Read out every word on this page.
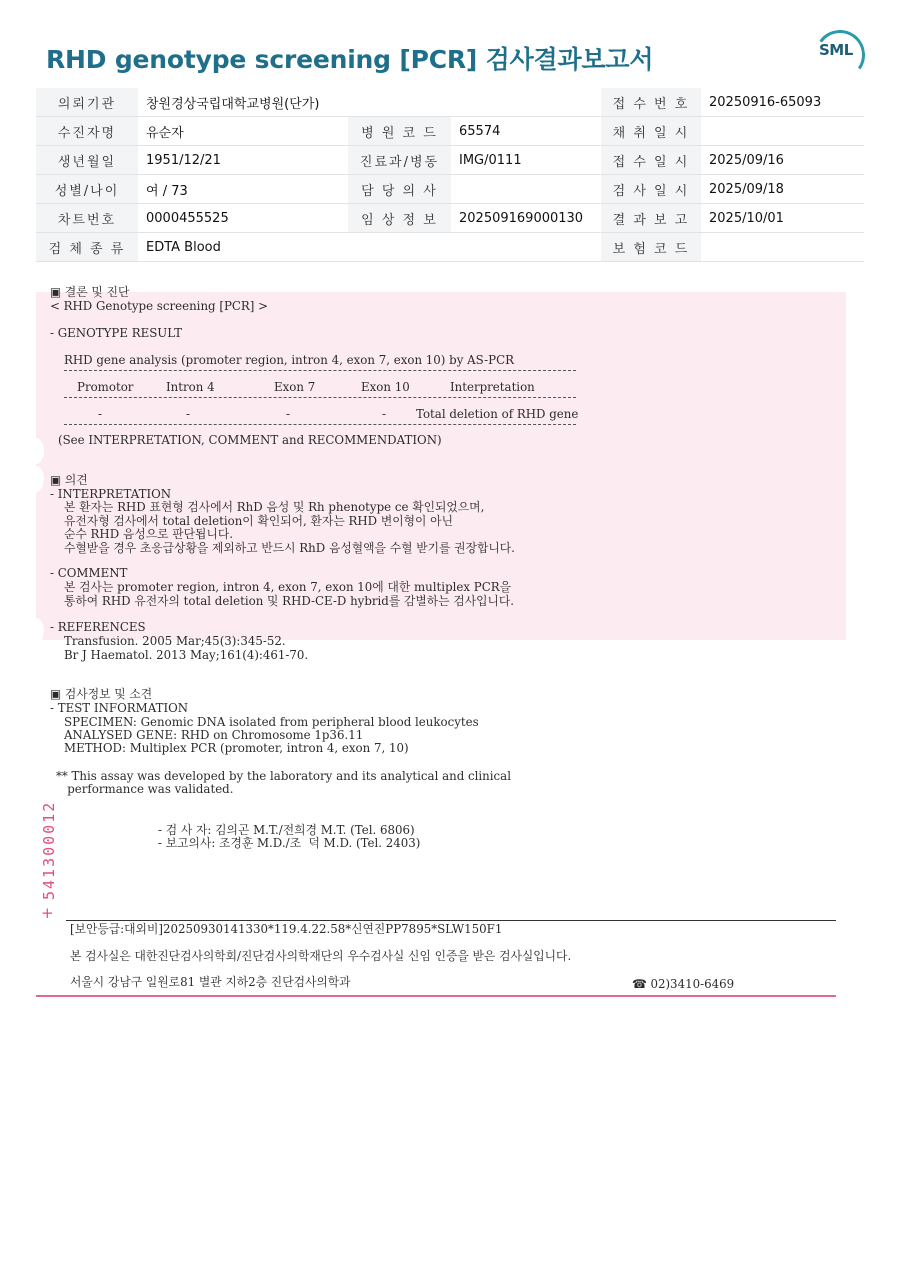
RHD genotype screening [PCR] 검사결과보고서	SML
의뢰기관	창원경상국립대학교병원(단가)			접 수 번 호	20250916-65093
수진자명	유순자	병 원 코 드	65574	채 취 일 시	
생년월일	1951/12/21	진료과/병동	IMG/0111	접 수 일 시	2025/09/16
성별/나이	여 / 73	담 당 의 사		검 사 일 시	2025/09/18
차트번호	0000455525	임 상 정 보	202509169000130	결 과 보 고	2025/10/01
검 체 종 류	EDTA Blood			보 험 코 드	
▣ 결론 및 진단
< RHD Genotype screening [PCR] >
- GENOTYPE RESULT
RHD gene analysis (promoter region, intron 4, exon 7, exon 10) by AS-PCR
Promotor	Intron 4	Exon 7	Exon 10	Interpretation
-	-	-	-	Total deletion of RHD gene
(See INTERPRETATION, COMMENT and RECOMMENDATION)
▣ 의견
- INTERPRETATION
본 환자는 RHD 표현형 검사에서 RhD 음성 및 Rh phenotype ce 확인되었으며,
유전자형 검사에서 total deletion이 확인되어, 환자는 RHD 변이형이 아닌
순수 RHD 음성으로 판단됩니다.
수혈받을 경우 초응급상황을 제외하고 반드시 RhD 음성혈액을 수혈 받기를 권장합니다.
- COMMENT
본 검사는 promoter region, intron 4, exon 7, exon 10에 대한 multiplex PCR을
통하여 RHD 유전자의 total deletion 및 RHD-CE-D hybrid를 감별하는 검사입니다.
- REFERENCES
Transfusion. 2005 Mar;45(3):345-52.
Br J Haematol. 2013 May;161(4):461-70.
▣ 검사정보 및 소견
- TEST INFORMATION
SPECIMEN: Genomic DNA isolated from peripheral blood leukocytes
ANALYSED GENE: RHD on Chromosome 1p36.11
METHOD: Multiplex PCR (promoter, intron 4, exon 7, 10)
** This assay was developed by the laboratory and its analytical and clinical
performance was validated.
- 검 사 자: 김의곤 M.T./전희경 M.T. (Tel. 6806)
- 보고의사: 조경훈 M.D./조  덕 M.D. (Tel. 2403)
+
541300012
[보안등급:대외비]20250930141330*119.4.22.58*신연진PP7895*SLW150F1
본 검사실은 대한진단검사의학회/진단검사의학재단의 우수검사실 신임 인증을 받은 검사실입니다.
서울시 강남구 일원로81 별관 지하2층 진단검사의학과	☎ 02)3410-6469
